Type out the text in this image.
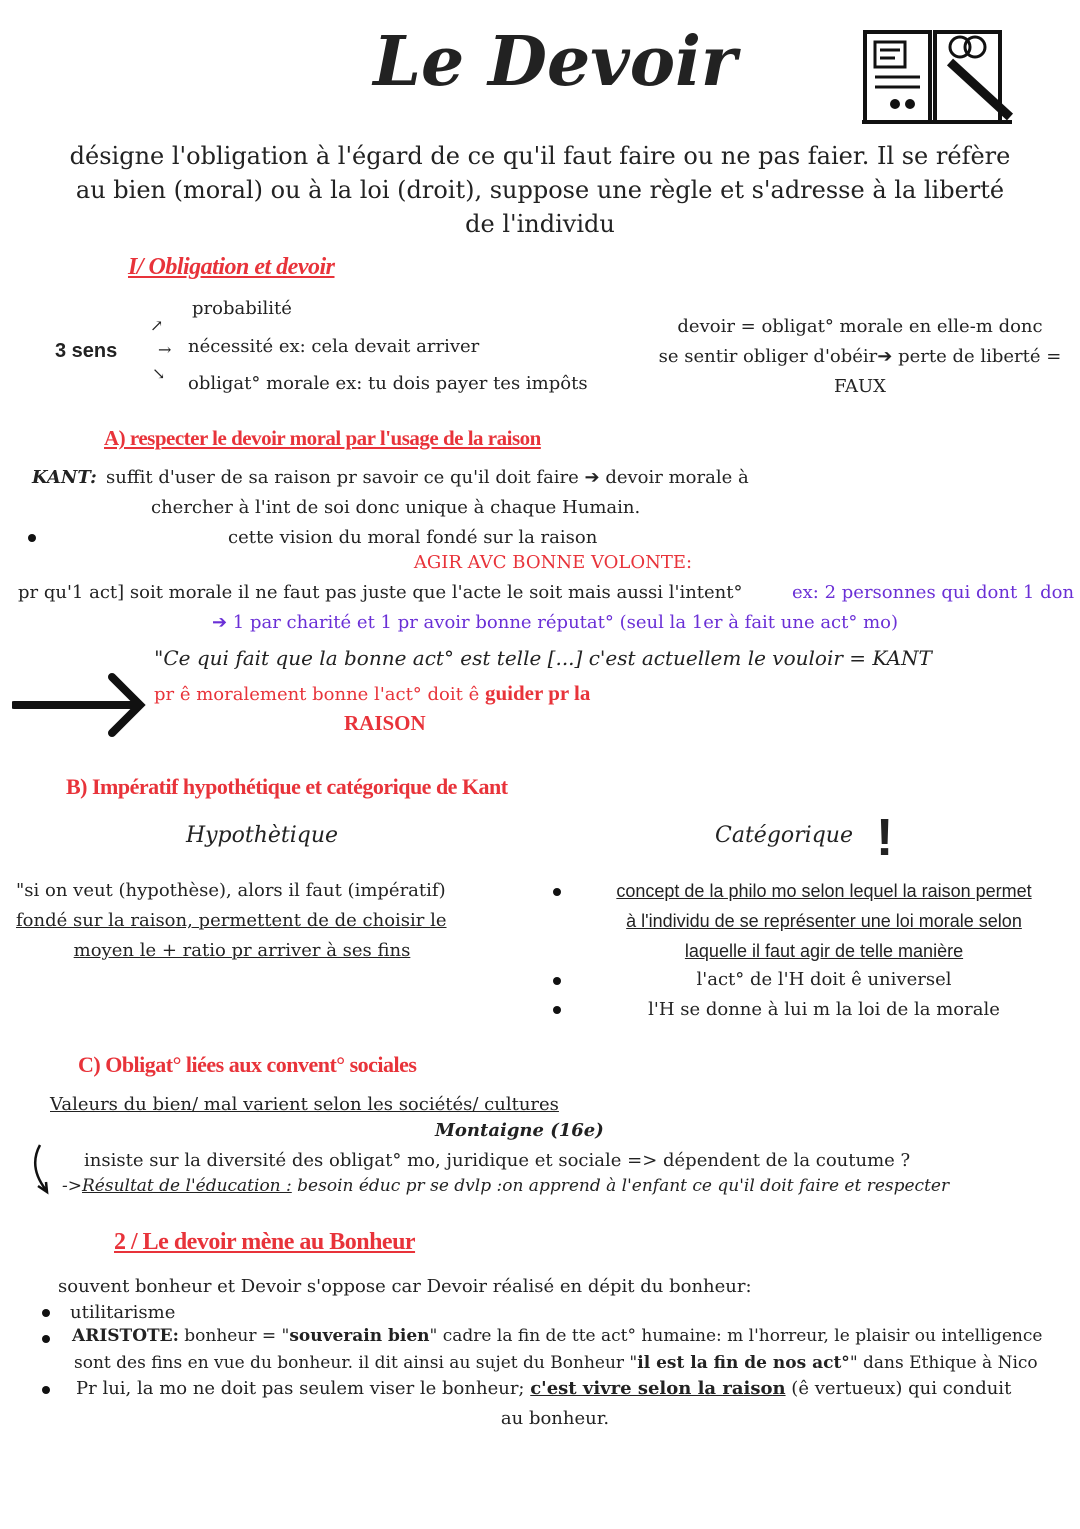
Le Devoir
désigne l'obligation à l'égard de ce qu'il faut faire ou ne pas faier. Il se réfère
au bien (moral) ou à la loi (droit), suppose une règle et s'adresse à la liberté
de l'individu
I/ Obligation et devoir
3 sens
↗
→
↘
probabilité
nécessité ex: cela devait arriver
obligat° morale ex: tu dois payer tes impôts
devoir = obligat° morale en elle-m donc
se sentir obliger d'obéir➔ perte de liberté =
FAUX
A) respecter le devoir moral par l'usage de la raison
KANT: suffit d'user de sa raison pr savoir ce qu'il doit faire ➔ devoir morale à
chercher à l'int de soi donc unique à chaque Humain.
cette vision du moral fondé sur la raison
AGIR AVC BONNE VOLONTE:
pr qu'1 act] soit morale il ne faut pas juste que l'acte le soit mais aussi l'intent°	ex: 2 personnes qui dont 1 don
➔ 1 par charité et 1 pr avoir bonne réputat° (seul la 1er à fait une act° mo)
"Ce qui fait que la bonne act° est telle [...] c'est actuellem le vouloir = KANT
pr ê moralement bonne l'act° doit ê guider pr la
RAISON
B) Impératif hypothétique et catégorique de Kant
Hypothètique	Catégorique !
"si on veut (hypothèse), alors il faut (impératif)
fondé sur la raison, permettent de de choisir le
moyen le + ratio pr arriver à ses fins
concept de la philo mo selon lequel la raison permet
à l'individu de se représenter une loi morale selon
laquelle il faut agir de telle manière
l'act° de l'H doit ê universel
l'H se donne à lui m la loi de la morale
C) Obligat° liées aux convent° sociales
Valeurs du bien/ mal varient selon les sociétés/ cultures
Montaigne (16e)
insiste sur la diversité des obligat° mo, juridique et sociale => dépendent de la coutume ?
->Résultat de l'éducation : besoin éduc pr se dvlp :on apprend à l'enfant ce qu'il doit faire et respecter
2 / Le devoir mène au Bonheur
souvent bonheur et Devoir s'oppose car Devoir réalisé en dépit du bonheur:
utilitarisme
ARISTOTE: bonheur = "souverain bien" cadre la fin de tte act° humaine: m l'horreur, le plaisir ou intelligence
sont des fins en vue du bonheur. il dit ainsi au sujet du Bonheur "il est la fin de nos act°" dans Ethique à Nico
Pr lui, la mo ne doit pas seulem viser le bonheur; c'est vivre selon la raison (ê vertueux) qui conduit
au bonheur.
